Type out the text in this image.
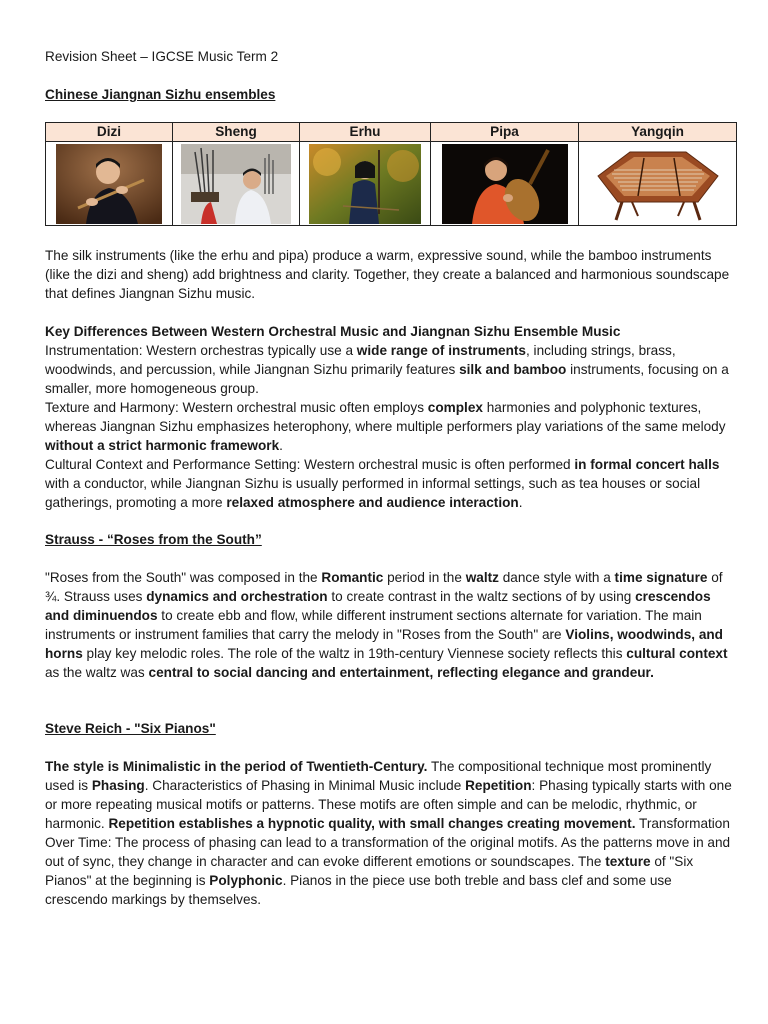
Revision Sheet – IGCSE Music Term 2
Chinese Jiangnan Sizhu ensembles
Dizi	Sheng	Erhu	Pipa	Yangqin

The silk instruments (like the erhu and pipa) produce a warm, expressive sound, while the bamboo instruments (like the dizi and sheng) add brightness and clarity. Together, they create a balanced and harmonious soundscape that defines Jiangnan Sizhu music.

Key Differences Between Western Orchestral Music and Jiangnan Sizhu Ensemble Music

Instrumentation: Western orchestras typically use a wide range of instruments, including strings, brass, woodwinds, and percussion, while Jiangnan Sizhu primarily features silk and bamboo instruments, focusing on a smaller, more homogeneous group.

Texture and Harmony: Western orchestral music often employs complex harmonies and polyphonic textures, whereas Jiangnan Sizhu emphasizes heterophony, where multiple performers play variations of the same melody without a strict harmonic framework.

Cultural Context and Performance Setting: Western orchestral music is often performed in formal concert halls with a conductor, while Jiangnan Sizhu is usually performed in informal settings, such as tea houses or social gatherings, promoting a more relaxed atmosphere and audience interaction.

Strauss - “Roses from the South”

"Roses from the South" was composed in the Romantic period in the waltz dance style with a time signature of ¾. Strauss uses dynamics and orchestration to create contrast in the waltz sections of by using crescendos and diminuendos to create ebb and flow, while different instrument sections alternate for variation. The main instruments or instrument families that carry the melody in "Roses from the South" are Violins, woodwinds, and horns play key melodic roles. The role of the waltz in 19th-century Viennese society reflects this cultural context as the waltz was central to social dancing and entertainment, reflecting elegance and grandeur.

Steve Reich - "Six Pianos"

The style is Minimalistic in the period of Twentieth-Century. The compositional technique most prominently used is Phasing. Characteristics of Phasing in Minimal Music include Repetition: Phasing typically starts with one or more repeating musical motifs or patterns. These motifs are often simple and can be melodic, rhythmic, or harmonic. Repetition establishes a hypnotic quality, with small changes creating movement. Transformation Over Time: The process of phasing can lead to a transformation of the original motifs. As the patterns move in and out of sync, they change in character and can evoke different emotions or soundscapes. The texture of "Six Pianos" at the beginning is Polyphonic. Pianos in the piece use both treble and bass clef and some use crescendo markings by themselves.
